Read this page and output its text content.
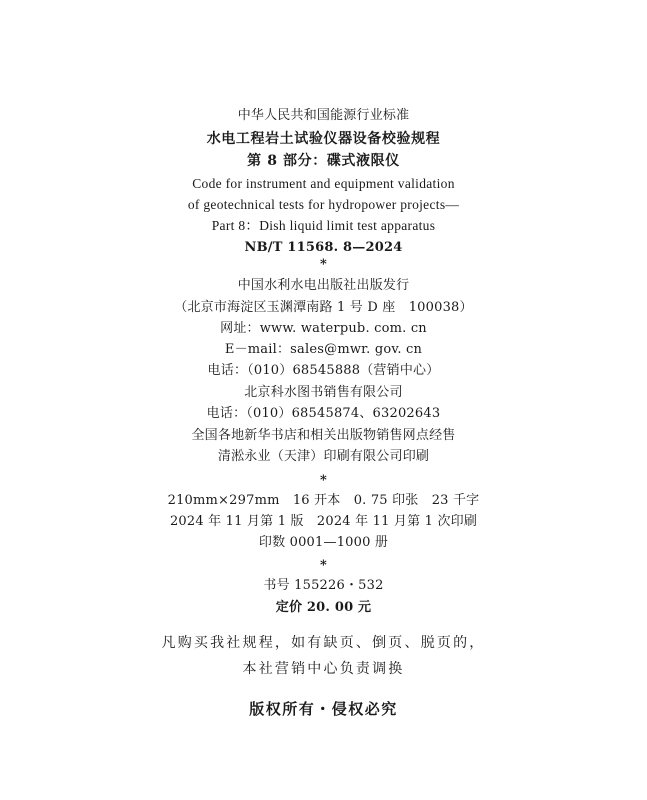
中华人民共和国能源行业标准
水电工程岩土试验仪器设备校验规程
第 8 部分：碟式液限仪
Code for instrument and equipment validation
of geotechnical tests for hydropower projects—
Part 8：Dish liquid limit test apparatus
NB/T 11568. 8—2024
*
中国水利水电出版社出版发行
（北京市海淀区玉渊潭南路 1 号 D 座　100038）
网址：www. waterpub. com. cn
E－mail：sales@mwr. gov. cn
电话：（010）68545888（营销中心）
北京科水图书销售有限公司
电话：（010）68545874、63202643
全国各地新华书店和相关出版物销售网点经售
清淞永业（天津）印刷有限公司印刷
*
210mm×297mm　16 开本　0. 75 印张　23 千字
2024 年 11 月第 1 版　2024 年 11 月第 1 次印刷
印数 0001—1000 册
*
书号 155226・532
定价 20. 00 元
凡购买我社规程，如有缺页、倒页、脱页的，
本社营销中心负责调换
版权所有・侵权必究
